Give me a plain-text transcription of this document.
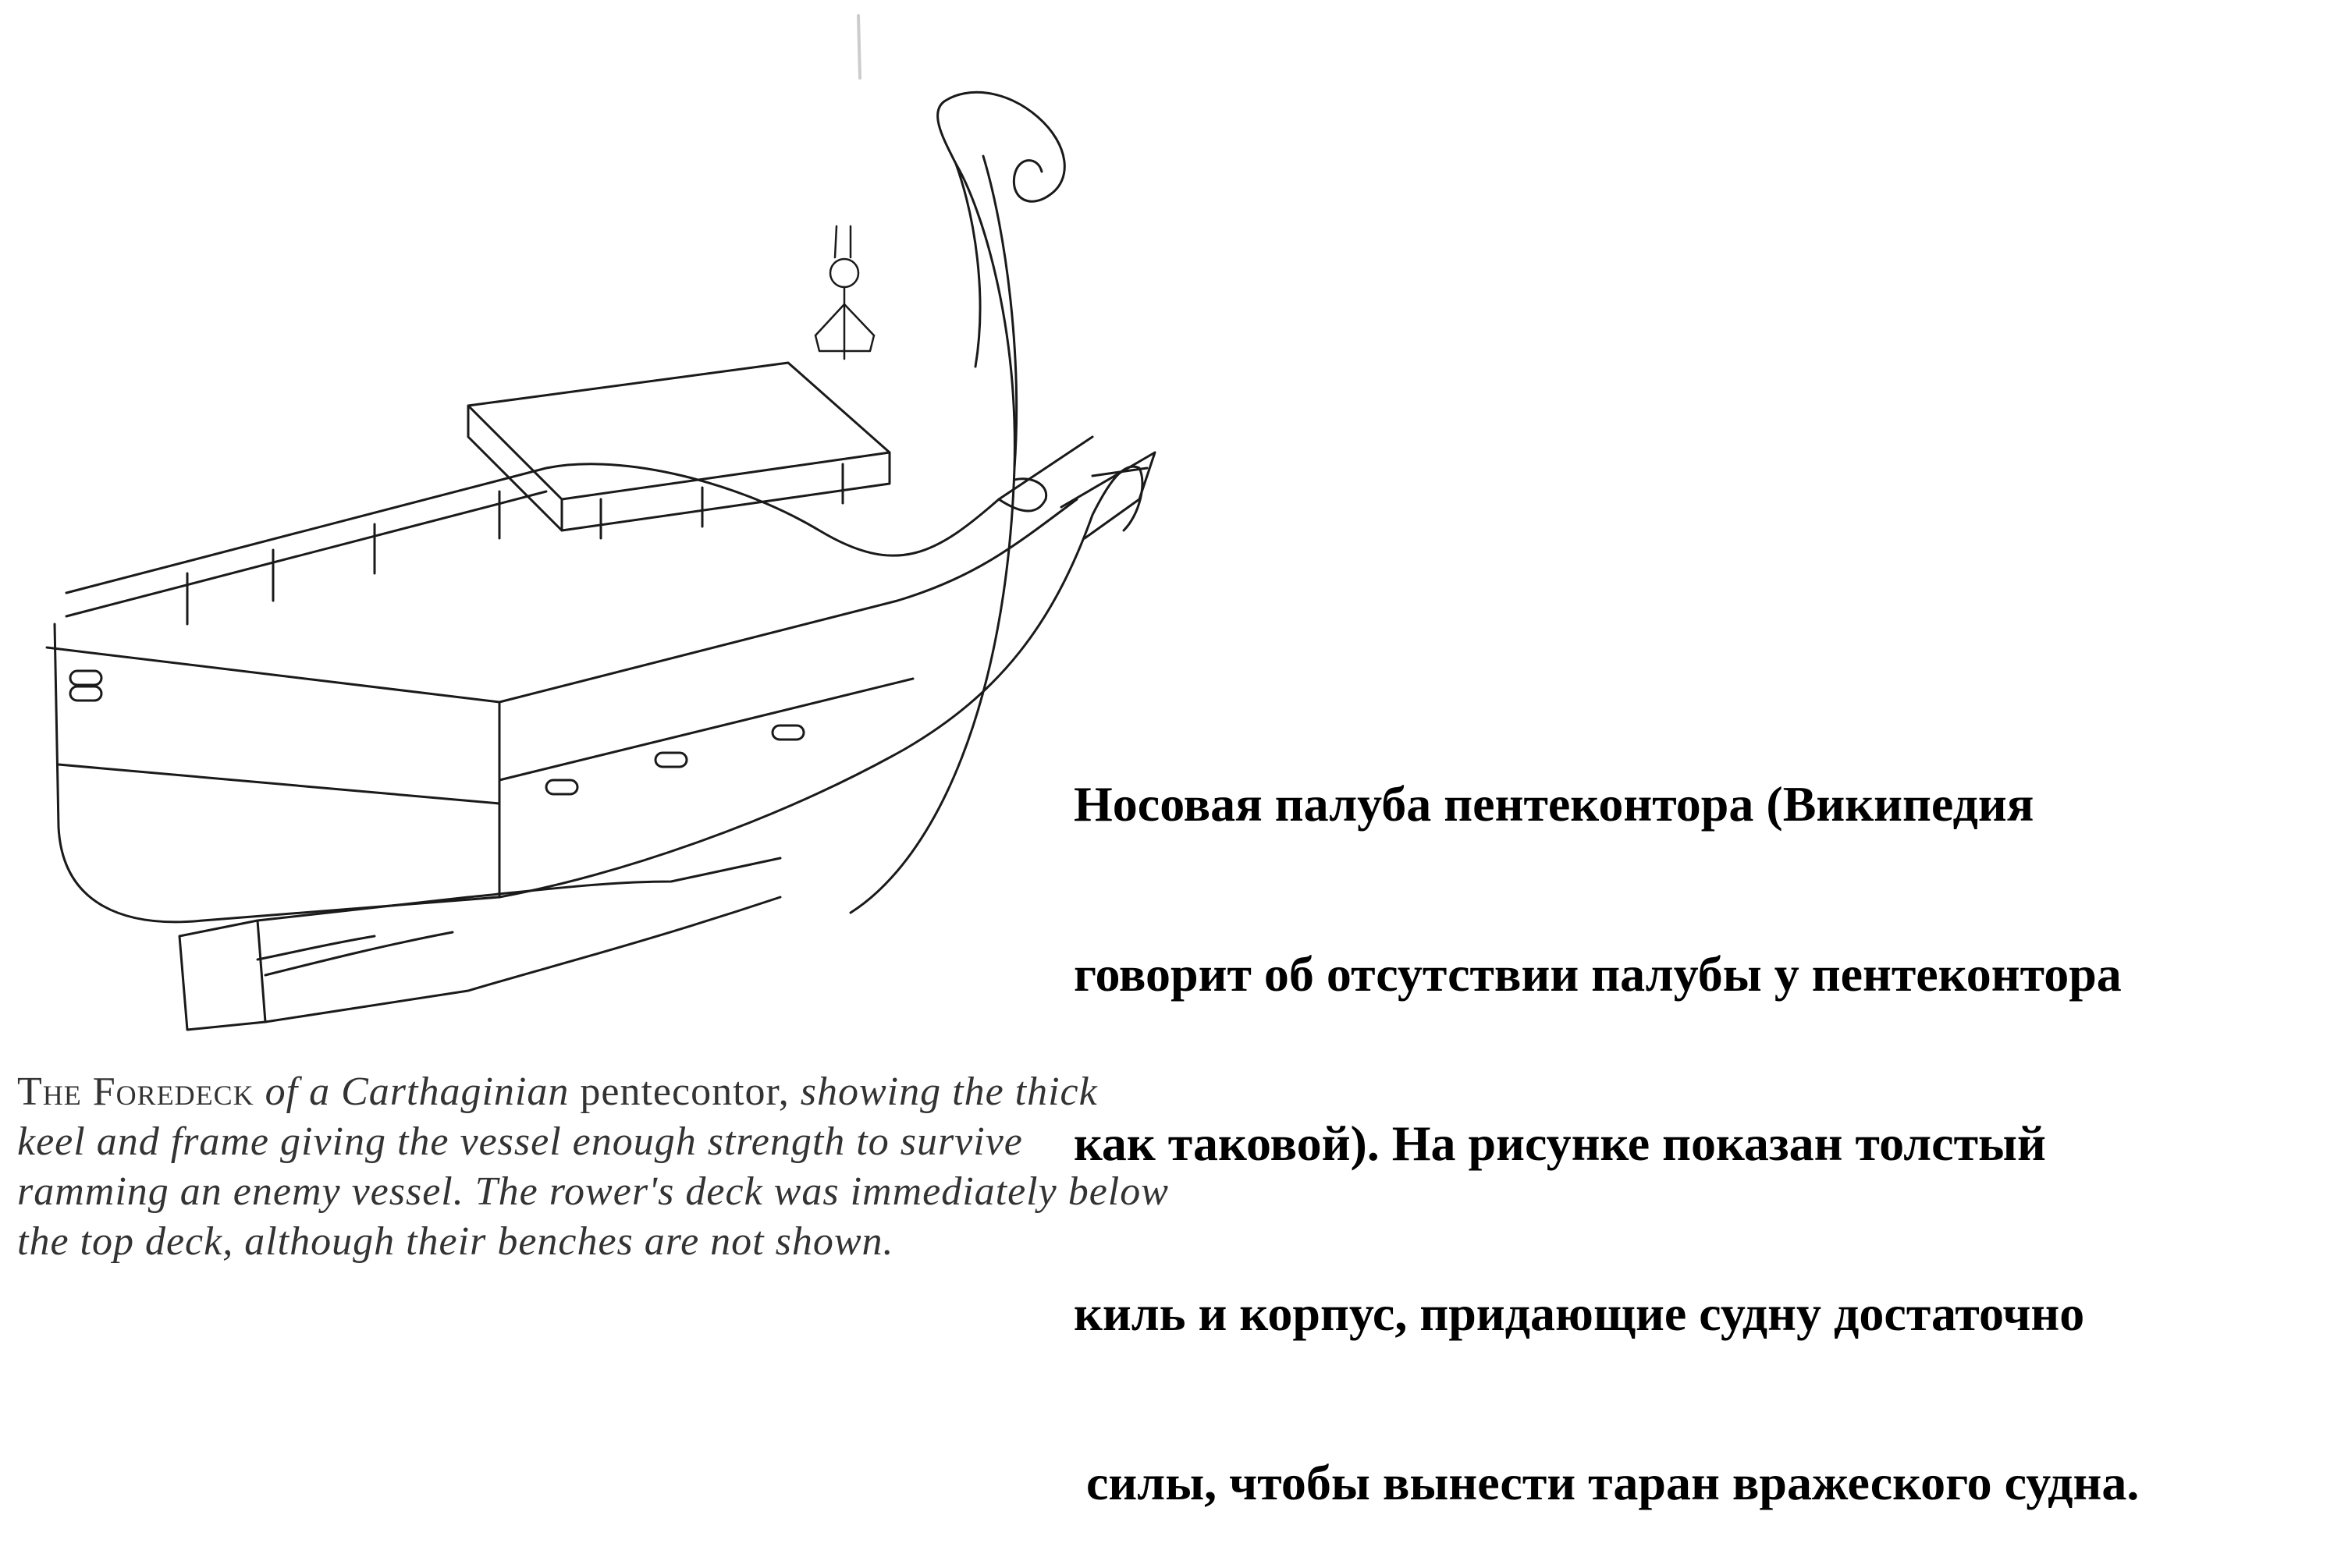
The Foredeck of a Carthaginian pentecontor, showing the thick keel and frame giving the vessel enough strength to survive ramming an enemy vessel. The rower's deck was immediately below the top deck, although their benches are not shown.

Носовая палуба пентеконтора (Википедия

говорит об отсутствии палубы у пентеконтора

как таковой). На рисунке показан толстый

киль и корпус, придающие судну достаточно

силы, чтобы вынести таран вражеского судна.
